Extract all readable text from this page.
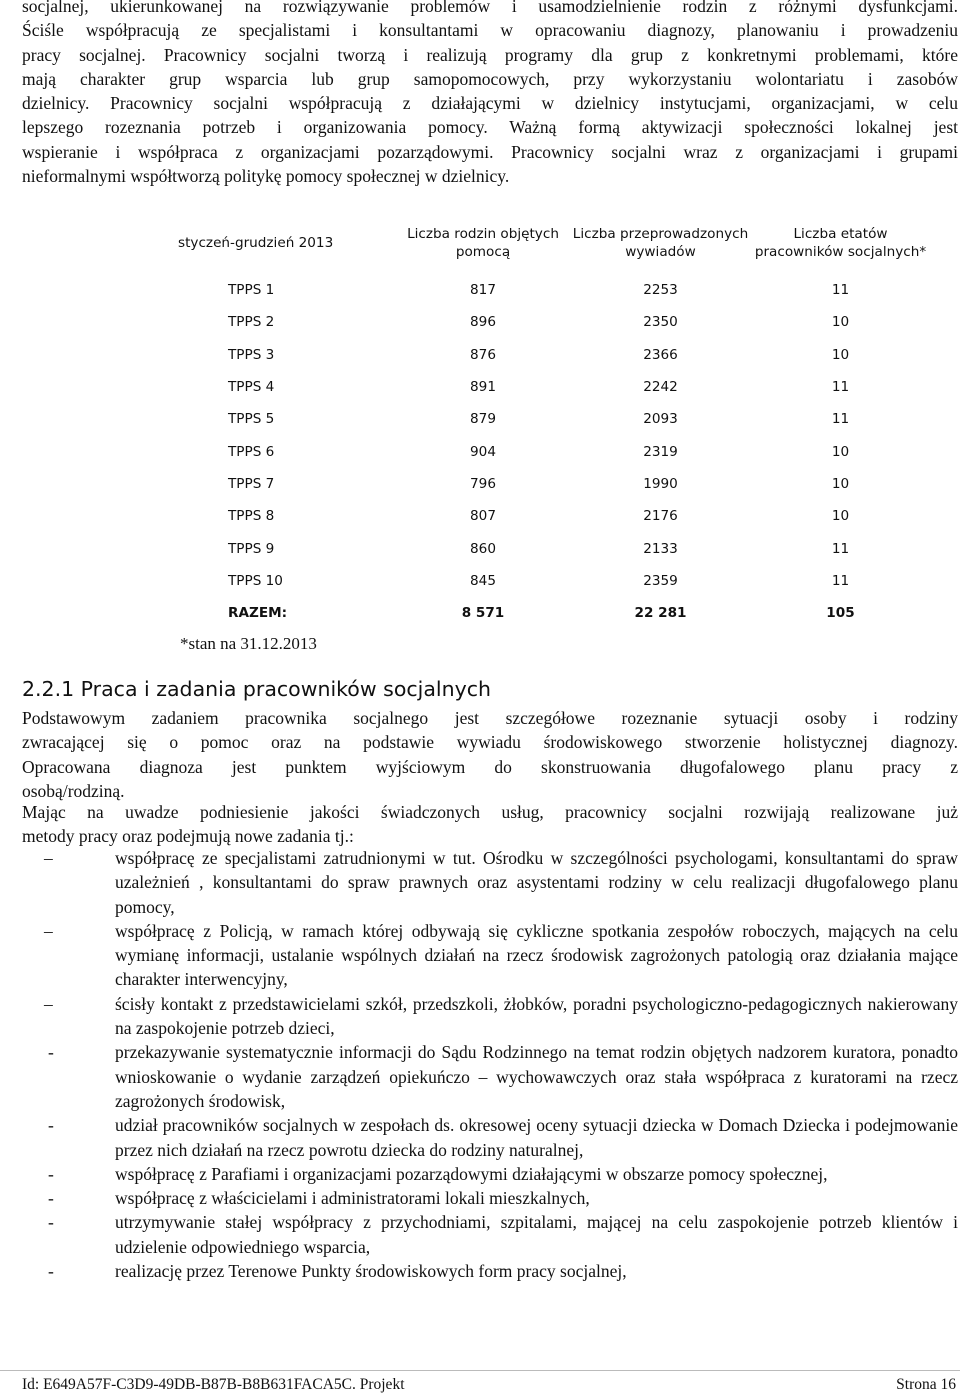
socjalnej, ukierunkowanej na rozwiązywanie problemów i usamodzielnienie rodzin z różnymi dysfunkcjami.
Ściśle współpracują ze specjalistami i konsultantami w opracowaniu diagnozy, planowaniu i prowadzeniu
pracy socjalnej. Pracownicy socjalni tworzą i realizują programy dla grup z konkretnymi problemami, które
mają charakter grup wsparcia lub grup samopomocowych, przy wykorzystaniu wolontariatu i zasobów
dzielnicy. Pracownicy socjalni współpracują z działającymi w dzielnicy instytucjami, organizacjami, w celu
lepszego rozeznania potrzeb i organizowania pomocy. Ważną formą aktywizacji społeczności lokalnej jest
wspieranie i współpraca z organizacjami pozarządowymi. Pracownicy socjalni wraz z organizacjami i grupami
nieformalnymi współtworzą politykę pomocy społecznej w dzielnicy.
styczeń-grudzień 2013	Liczba rodzin objętych pomocą	Liczba przeprowadzonych wywiadów	Liczba etatów pracowników socjalnych*
TPPS 1	817	2253	11
TPPS 2	896	2350	10
TPPS 3	876	2366	10
TPPS 4	891	2242	11
TPPS 5	879	2093	11
TPPS 6	904	2319	10
TPPS 7	796	1990	10
TPPS 8	807	2176	10
TPPS 9	860	2133	11
TPPS 10	845	2359	11
RAZEM:	8 571	22 281	105
*stan na 31.12.2013
2.2.1 Praca i zadania pracowników socjalnych
Podstawowym zadaniem pracownika socjalnego jest szczegółowe rozeznanie sytuacji osoby i rodziny
zwracającej się o pomoc oraz na podstawie wywiadu środowiskowego stworzenie holistycznej diagnozy.
Opracowana diagnoza jest punktem wyjściowym do skonstruowania długofalowego planu pracy z
osobą/rodziną.
Mając na uwadze podniesienie jakości świadczonych usług, pracownicy socjalni rozwijają realizowane już
metody pracy oraz podejmują nowe zadania tj.:
–	współpracę ze specjalistami zatrudnionymi w tut. Ośrodku w szczególności psychologami, konsultantami do spraw uzależnień , konsultantami do spraw prawnych oraz asystentami rodziny w celu realizacji długofalowego planu pomocy,
–	współpracę z Policją, w ramach której odbywają się cykliczne spotkania zespołów roboczych, mających na celu wymianę informacji, ustalanie wspólnych działań na rzecz środowisk zagrożonych patologią oraz działania mające charakter interwencyjny,
–	ścisły kontakt z przedstawicielami szkół, przedszkoli, żłobków, poradni psychologiczno-pedagogicznych nakierowany na zaspokojenie potrzeb dzieci,
-	przekazywanie systematycznie informacji do Sądu Rodzinnego na temat rodzin objętych nadzorem kuratora, ponadto wnioskowanie o wydanie zarządzeń opiekuńczo – wychowawczych oraz stała współpraca z kuratorami na rzecz zagrożonych środowisk,
-	udział pracowników socjalnych w zespołach ds. okresowej oceny sytuacji dziecka w Domach Dziecka i podejmowanie przez nich działań na rzecz powrotu dziecka do rodziny naturalnej,
-	współpracę z Parafiami i organizacjami pozarządowymi działającymi w obszarze pomocy społecznej,
-	współpracę z właścicielami i administratorami lokali mieszkalnych,
-	utrzymywanie stałej współpracy z przychodniami, szpitalami, mającej na celu zaspokojenie potrzeb klientów i udzielenie odpowiedniego wsparcia,
-	realizację przez Terenowe Punkty środowiskowych form pracy socjalnej,
Id: E649A57F-C3D9-49DB-B87B-B8B631FACA5C. Projekt	Strona 16
